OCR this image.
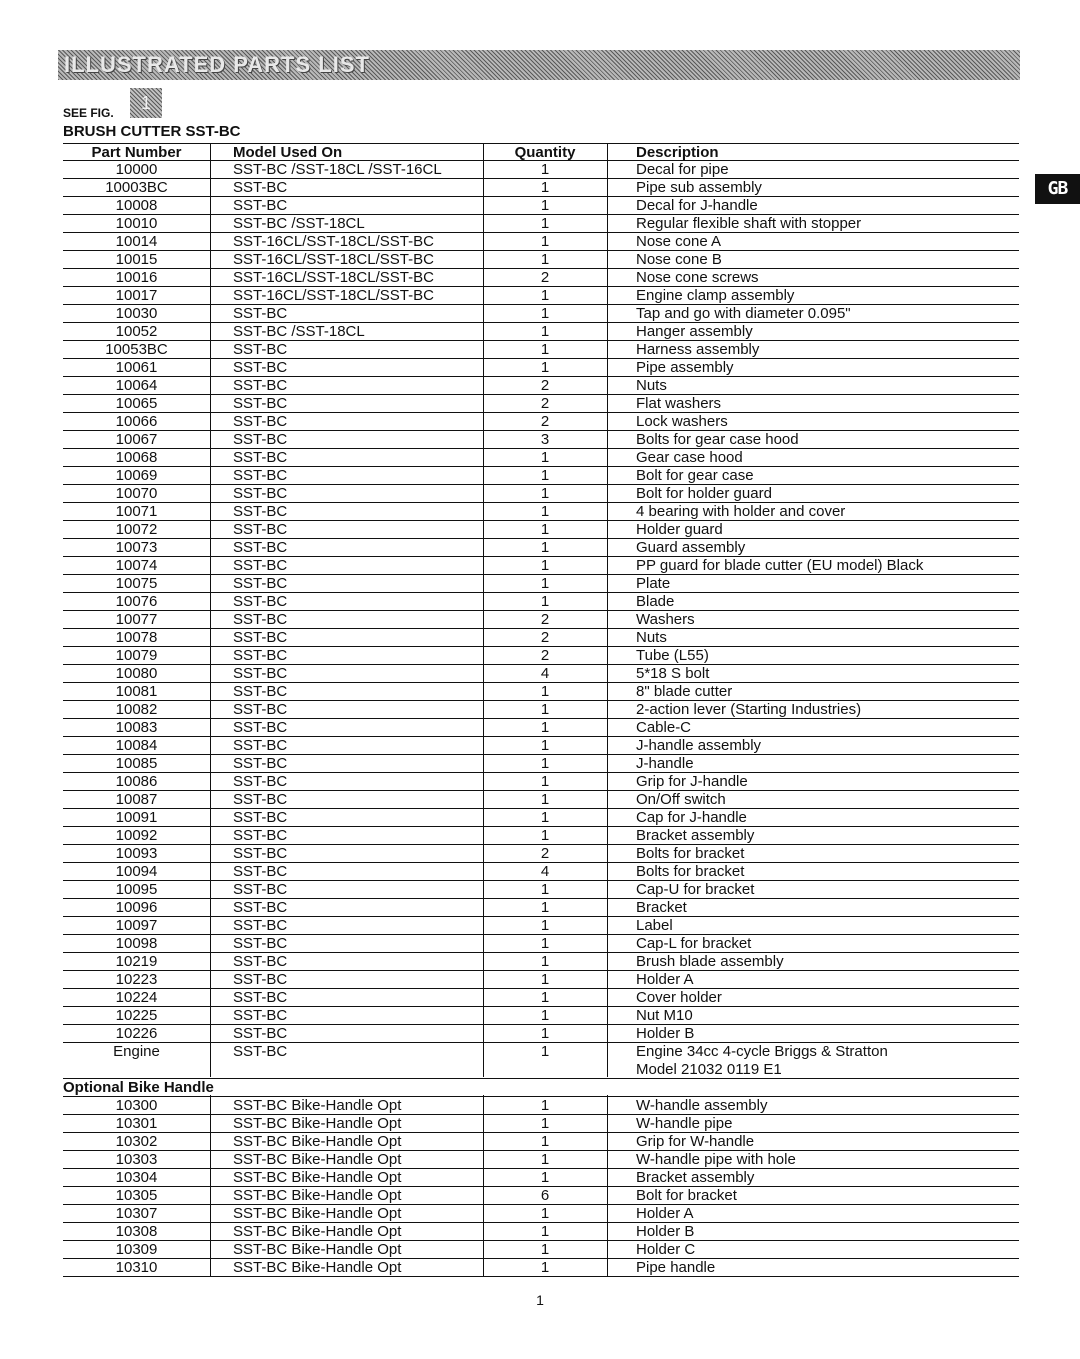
ILLUSTRATED PARTS LIST
SEE FIG.	1
BRUSH CUTTER SST-BC
GB
Part Number	Model Used On	Quantity	Description
10000	SST-BC /SST-18CL /SST-16CL	1	Decal for pipe
10003BC	SST-BC	1	Pipe sub assembly
10008	SST-BC	1	Decal for J-handle
10010	SST-BC /SST-18CL	1	Regular flexible shaft with stopper
10014	SST-16CL/SST-18CL/SST-BC	1	Nose cone A
10015	SST-16CL/SST-18CL/SST-BC	1	Nose cone B
10016	SST-16CL/SST-18CL/SST-BC	2	Nose cone screws
10017	SST-16CL/SST-18CL/SST-BC	1	Engine clamp assembly
10030	SST-BC	1	Tap and go with diameter 0.095"
10052	SST-BC /SST-18CL	1	Hanger assembly
10053BC	SST-BC	1	Harness assembly
10061	SST-BC	1	Pipe assembly
10064	SST-BC	2	Nuts
10065	SST-BC	2	Flat washers
10066	SST-BC	2	Lock washers
10067	SST-BC	3	Bolts for gear case hood
10068	SST-BC	1	Gear case hood
10069	SST-BC	1	Bolt for gear case
10070	SST-BC	1	Bolt for holder guard
10071	SST-BC	1	4 bearing with holder and cover
10072	SST-BC	1	Holder guard
10073	SST-BC	1	Guard assembly
10074	SST-BC	1	PP guard for blade cutter (EU model) Black
10075	SST-BC	1	Plate
10076	SST-BC	1	Blade
10077	SST-BC	2	Washers
10078	SST-BC	2	Nuts
10079	SST-BC	2	Tube (L55)
10080	SST-BC	4	5*18 S bolt
10081	SST-BC	1	8" blade cutter
10082	SST-BC	1	2-action lever (Starting Industries)
10083	SST-BC	1	Cable-C
10084	SST-BC	1	J-handle assembly
10085	SST-BC	1	J-handle
10086	SST-BC	1	Grip for J-handle
10087	SST-BC	1	On/Off switch
10091	SST-BC	1	Cap for J-handle
10092	SST-BC	1	Bracket assembly
10093	SST-BC	2	Bolts for bracket
10094	SST-BC	4	Bolts for bracket
10095	SST-BC	1	Cap-U for bracket
10096	SST-BC	1	Bracket
10097	SST-BC	1	Label
10098	SST-BC	1	Cap-L for bracket
10219	SST-BC	1	Brush blade assembly
10223	SST-BC	1	Holder A
10224	SST-BC	1	Cover holder
10225	SST-BC	1	Nut M10
10226	SST-BC	1	Holder B
Engine	SST-BC	1	Engine 34cc 4-cycle Briggs & Stratton
Model 21032 0119 E1
Optional Bike Handle
10300	SST-BC Bike-Handle Opt	1	W-handle assembly
10301	SST-BC Bike-Handle Opt	1	W-handle pipe
10302	SST-BC Bike-Handle Opt	1	Grip for W-handle
10303	SST-BC Bike-Handle Opt	1	W-handle pipe with hole
10304	SST-BC Bike-Handle Opt	1	Bracket assembly
10305	SST-BC Bike-Handle Opt	6	Bolt for bracket
10307	SST-BC Bike-Handle Opt	1	Holder A
10308	SST-BC Bike-Handle Opt	1	Holder B
10309	SST-BC Bike-Handle Opt	1	Holder C
10310	SST-BC Bike-Handle Opt	1	Pipe handle
1
